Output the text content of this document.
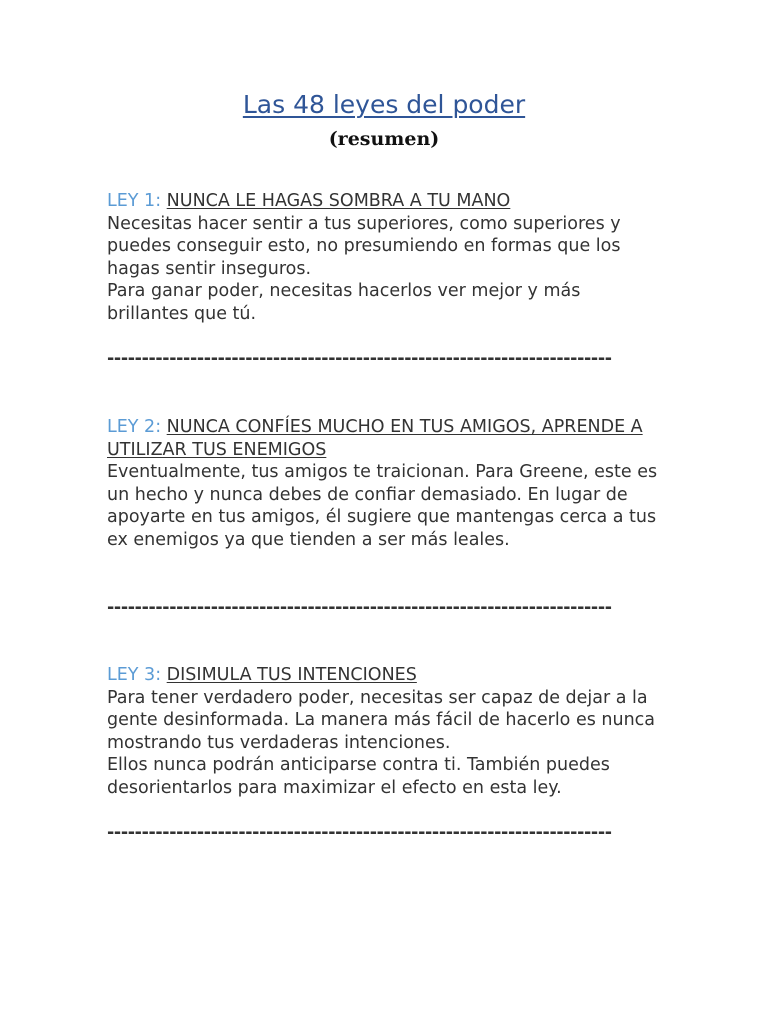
Las 48 leyes del poder
(resumen)
LEY 1: NUNCA LE HAGAS SOMBRA A TU MANO

Necesitas hacer sentir a tus superiores, como superiores y puedes conseguir esto, no presumiendo en formas que los hagas sentir inseguros.

Para ganar poder, necesitas hacerlos ver mejor y más brillantes que tú.

-------------------------------------------------------------------------
LEY 2: NUNCA CONFÍES MUCHO EN TUS AMIGOS, APRENDE A UTILIZAR TUS ENEMIGOS

Eventualmente, tus amigos te traicionan. Para Greene, este es un hecho y nunca debes de confiar demasiado. En lugar de apoyarte en tus amigos, él sugiere que mantengas cerca a tus ex enemigos ya que tienden a ser más leales.

-------------------------------------------------------------------------
LEY 3: DISIMULA TUS INTENCIONES

Para tener verdadero poder, necesitas ser capaz de dejar a la gente desinformada. La manera más fácil de hacerlo es nunca mostrando tus verdaderas intenciones.

Ellos nunca podrán anticiparse contra ti. También puedes desorientarlos para maximizar el efecto en esta ley.

-------------------------------------------------------------------------
